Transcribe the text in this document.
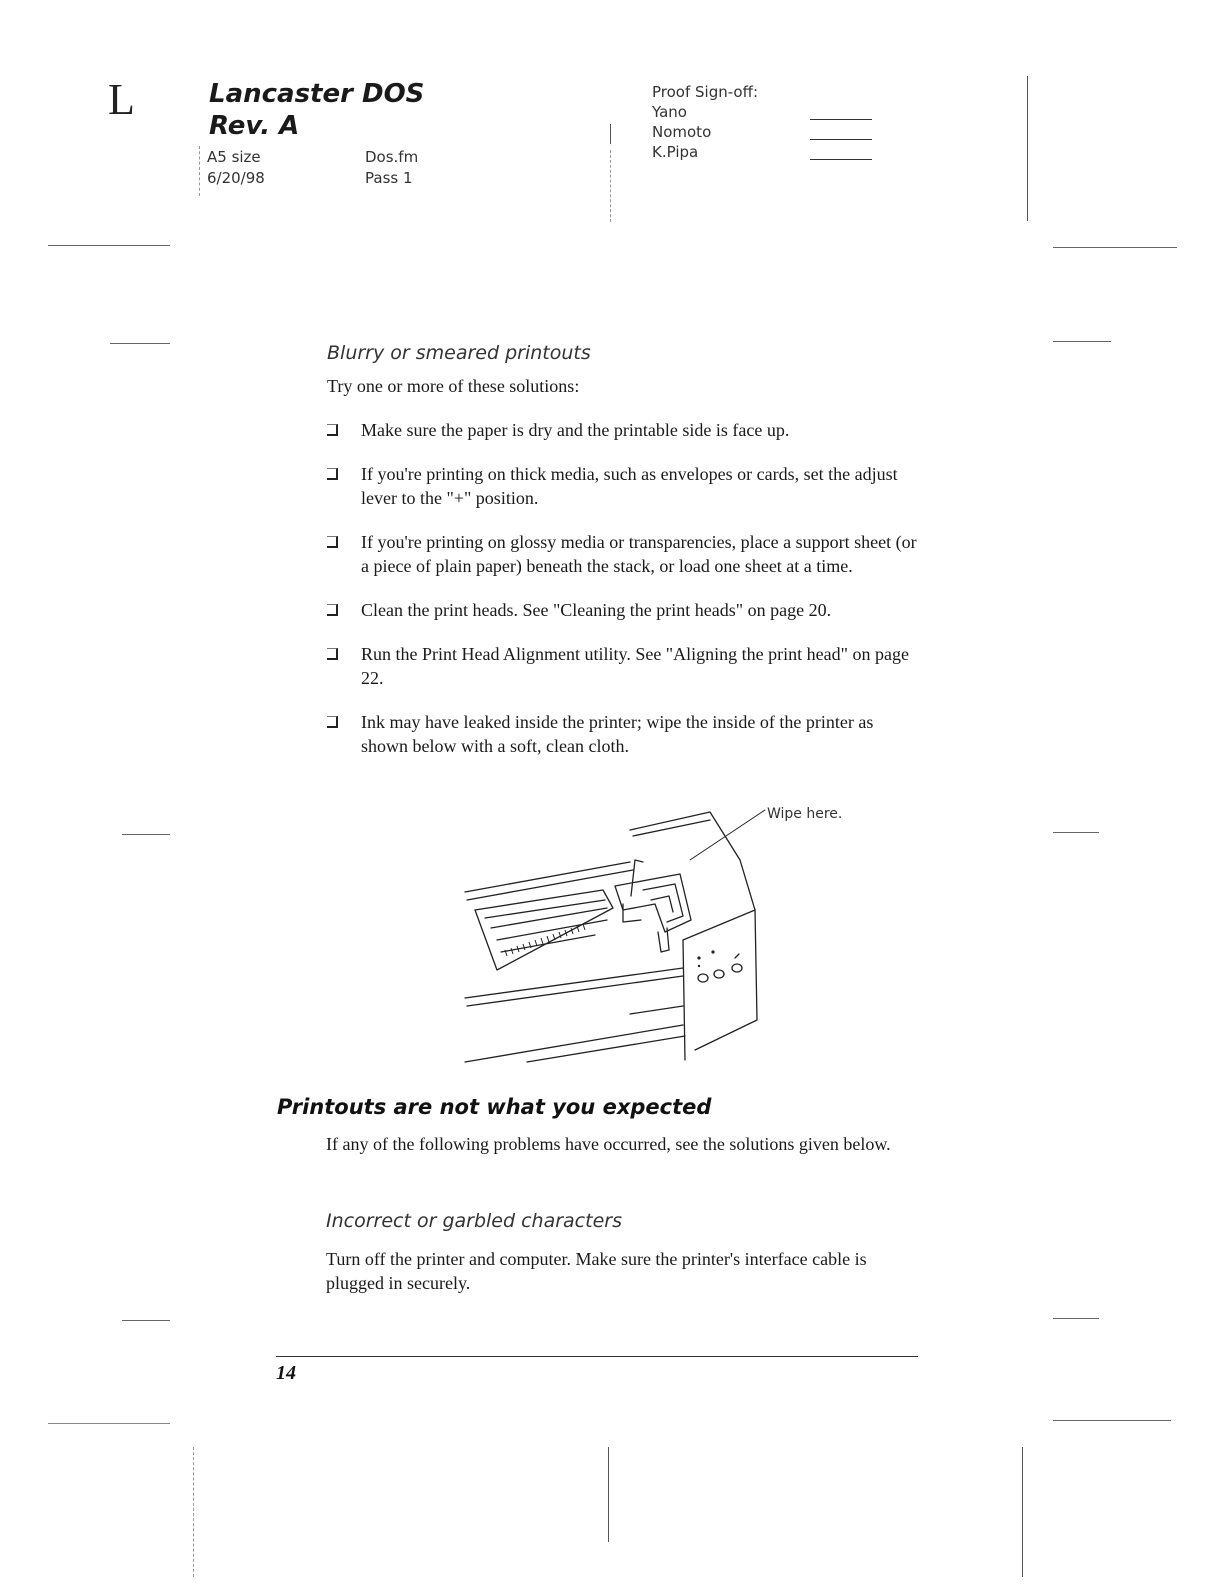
L	Lancaster DOS
Rev. A
A5 size
6/20/98
Dos.fm
Pass 1
Proof Sign-off:
Yano
Nomoto
K.Pipa
Blurry or smeared printouts
Try one or more of these solutions:
Make sure the paper is dry and the printable side is face up.
If you're printing on thick media, such as envelopes or cards, set the adjust lever to the "+" position.
If you're printing on glossy media or transparencies, place a support sheet (or a piece of plain paper) beneath the stack, or load one sheet at a time.
Clean the print heads. See "Cleaning the print heads" on page 20.
Run the Print Head Alignment utility. See "Aligning the print head" on page 22.
Ink may have leaked inside the printer; wipe the inside of the printer as shown below with a soft, clean cloth.
Wipe here.
Printouts are not what you expected
If any of the following problems have occurred, see the solutions given below.
Incorrect or garbled characters
Turn off the printer and computer. Make sure the printer's interface cable is plugged in securely.
14
